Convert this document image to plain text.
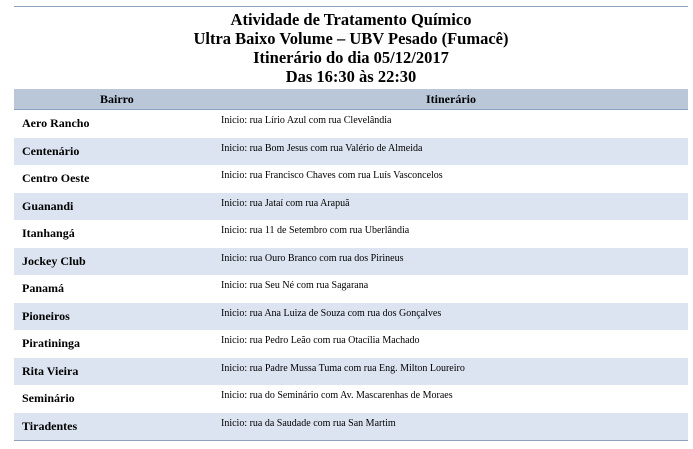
Atividade de Tratamento Químico
Ultra Baixo Volume – UBV Pesado (Fumacê)
Itinerário do dia 05/12/2017
Das 16:30 às 22:30
Bairro	Itinerário
Aero Rancho	Inicio: rua Lírio Azul com rua Clevelândia
Centenário	Inicio: rua Bom Jesus com rua Valério de Almeida
Centro Oeste	Inicio: rua Francisco Chaves com rua Luís Vasconcelos
Guanandi	Inicio: rua Jataí com rua Arapuã
Itanhangá	Inicio: rua 11 de Setembro com rua Uberlândia
Jockey Club	Inicio: rua Ouro Branco com rua dos Pirineus
Panamá	Inicio: rua Seu Né com rua Sagarana
Pioneiros	Inicio: rua Ana Luiza de Souza com rua dos Gonçalves
Piratininga	Inicio: rua Pedro Leão com rua Otacília Machado
Rita Vieira	Inicio: rua Padre Mussa Tuma com rua Eng. Milton Loureiro
Seminário	Inicio: rua do Seminário com Av. Mascarenhas de Moraes
Tiradentes	Inicio: rua da Saudade com rua San Martim
